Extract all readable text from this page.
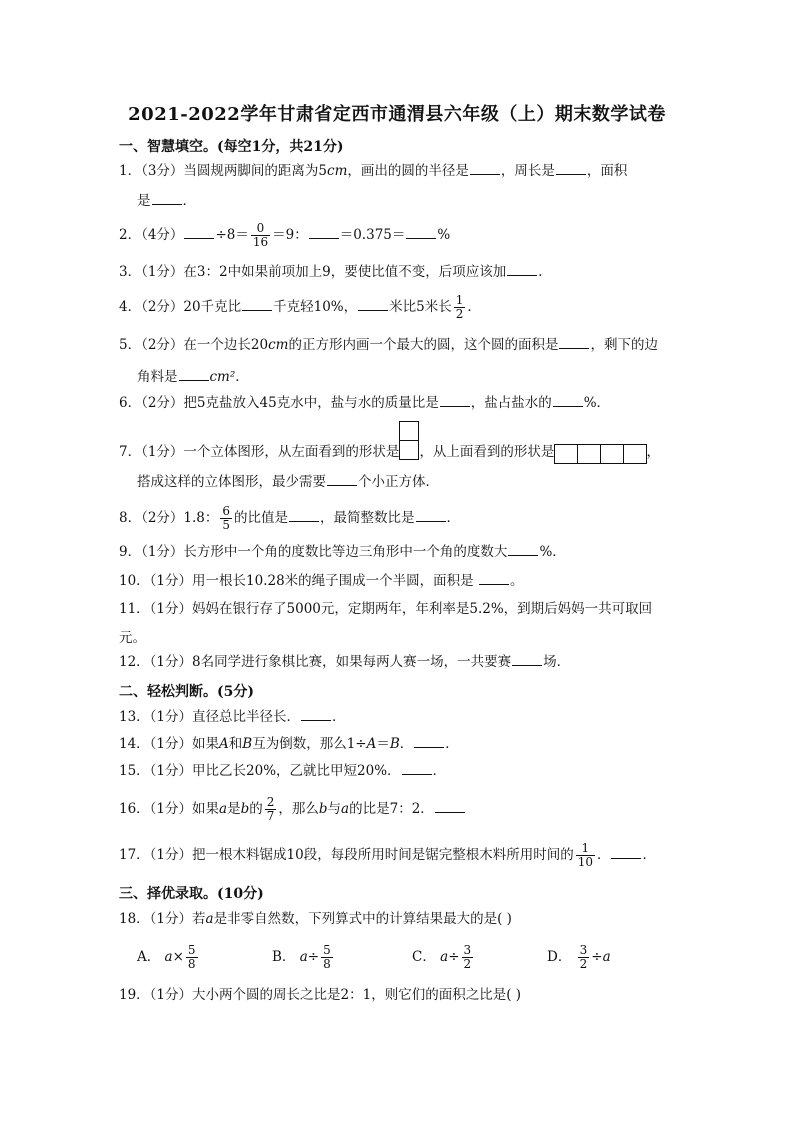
2021-2022学年甘肃省定西市通渭县六年级（上）期末数学试卷
一、智慧填空。(每空1分，共21分)
1．（3分）当圆规两脚间的距离为5cm，画出的圆的半径是 ，周长是 ，面积
是 ．
2．（4分） $\div 8= \frac{0}{16} =9$： ＝0.375＝ %
3．（1分）在3：2中如果前项加上9，要使比值不变，后项应该加 ．
4．（2分）20千克比 千克轻10%， 米比5米长 $\frac{1}{2}$ ．
5．（2分）在一个边长20cm的正方形内画一个最大的圆，这个圆的面积是 ，剩下的边
角料是 cm²．
6．（2分）把5克盐放入45克水中，盐与水的质量比是 ，盐占盐水的 %．
7．（1分）一个立体图形，从左面看到的形状是 ，从上面看到的形状是	，
搭成这样的立体图形，最少需要 个小正方体．
8．（2分）1.8： $\frac{6}{5}$ 的比值是 ，最简整数比是 ．
9．（1分）长方形中一个角的度数比等边三角形中一个角的度数大 %．
10．（1分）用一根长10.28米的绳子围成一个半圆，面积是	。
11．（1分）妈妈在银行存了5000元，定期两年，年利率是5.2%，到期后妈妈一共可取回
元。
12．（1分）8名同学进行象棋比赛，如果每两人赛一场，一共要赛 场．
二、轻松判断。(5分)
13．（1分）直径总比半径长． ．
14．（1分）如果A和B互为倒数，那么1÷A＝B． ．
15．（1分）甲比乙长20%，乙就比甲短20%． ．
16．（1分）如果a是b的 $\frac{2}{7}$ ，那么b与a的比是7：2．
17．（1分）把一根木料锯成10段，每段所用时间是锯完整根木料所用时间的 $\frac{1}{10}$ ． ．
三、择优录取。(10分)
18．（1分）若a是非零自然数，下列算式中的计算结果最大的是( )
A． $a\times \frac{5}{8}$	B． $a\div \frac{5}{8}$	C． $a\div \frac{3}{2}$	D． $\frac{3}{2} \div a$
19．（1分）大小两个圆的周长之比是2：1，则它们的面积之比是( )
